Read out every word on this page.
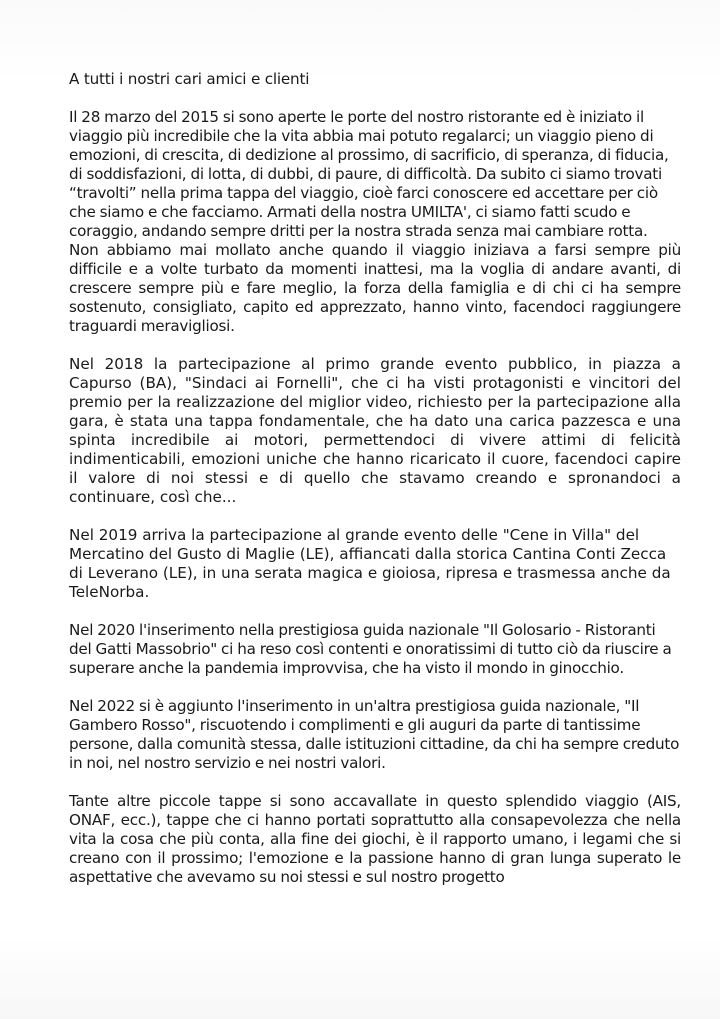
A tutti i nostri cari amici e clienti

Il 28 marzo del 2015 si sono aperte le porte del nostro ristorante ed è iniziato il viaggio più incredibile che la vita abbia mai potuto regalarci; un viaggio pieno di emozioni, di crescita, di dedizione al prossimo, di sacrificio, di speranza, di fiducia, di soddisfazioni, di lotta, di dubbi, di paure, di difficoltà. Da subito ci siamo trovati “travolti” nella prima tappa del viaggio, cioè farci conoscere ed accettare per ciò che siamo e che facciamo. Armati della nostra UMILTA', ci siamo fatti scudo e coraggio, andando sempre dritti per la nostra strada senza mai cambiare rotta.

Non abbiamo mai mollato anche quando il viaggio iniziava a farsi sempre più difficile e a volte turbato da momenti inattesi, ma la voglia di andare avanti, di crescere sempre più e fare meglio, la forza della famiglia e di chi ci ha sempre sostenuto, consigliato, capito ed apprezzato, hanno vinto, facendoci raggiungere traguardi meravigliosi.

Nel 2018 la partecipazione al primo grande evento pubblico, in piazza a Capurso (BA), "Sindaci ai Fornelli", che ci ha visti protagonisti e vincitori del premio per la realizzazione del miglior video, richiesto per la partecipazione alla gara, è stata una tappa fondamentale, che ha dato una carica pazzesca e una spinta incredibile ai motori, permettendoci di vivere attimi di felicità indimenticabili, emozioni uniche che hanno ricaricato il cuore, facendoci capire il valore di noi stessi e di quello che stavamo creando e spronandoci a continuare, così che...

Nel 2019 arriva la partecipazione al grande evento delle "Cene in Villa" del Mercatino del Gusto di Maglie (LE), affiancati dalla storica Cantina Conti Zecca di Leverano (LE), in una serata magica e gioiosa, ripresa e trasmessa anche da TeleNorba.

Nel 2020 l'inserimento nella prestigiosa guida nazionale "Il Golosario - Ristoranti del Gatti Massobrio" ci ha reso così contenti e onoratissimi di tutto ciò da riuscire a superare anche la pandemia improvvisa, che ha visto il mondo in ginocchio.

Nel 2022 si è aggiunto l'inserimento in un'altra prestigiosa guida nazionale, "Il Gambero Rosso", riscuotendo i complimenti e gli auguri da parte di tantissime persone, dalla comunità stessa, dalle istituzioni cittadine, da chi ha sempre creduto in noi, nel nostro servizio e nei nostri valori.

Tante altre piccole tappe si sono accavallate in questo splendido viaggio (AIS, ONAF, ecc.), tappe che ci hanno portati soprattutto alla consapevolezza che nella vita la cosa che più conta, alla fine dei giochi, è il rapporto umano, i legami che si creano con il prossimo; l'emozione e la passione hanno di gran lunga superato le aspettative che avevamo su noi stessi e sul nostro progetto
